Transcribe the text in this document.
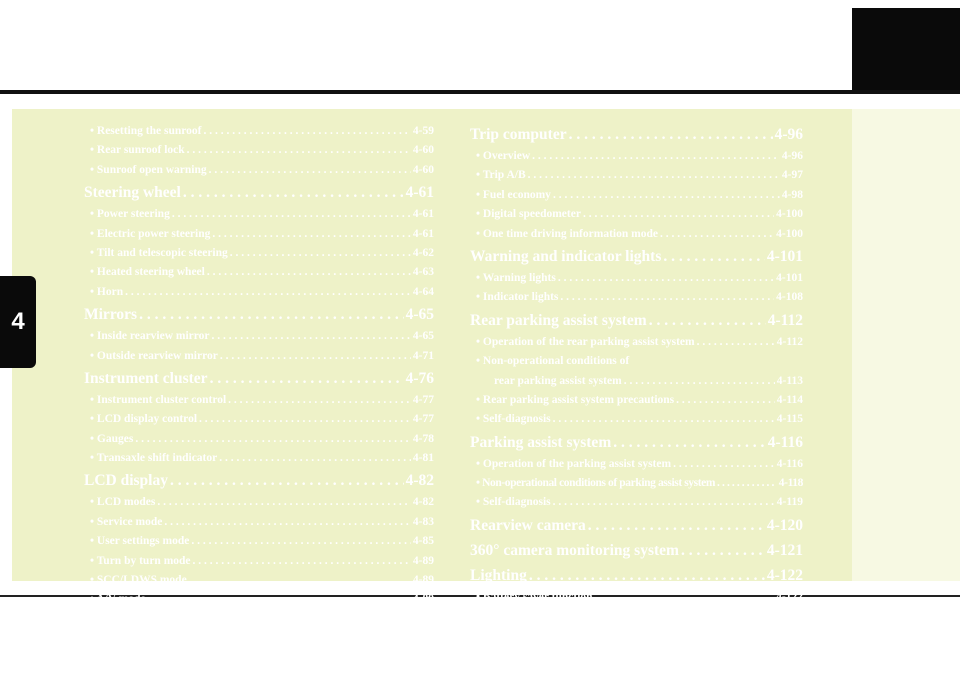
4
• Resetting the sunroof . . .	4-59
• Rear sunroof lock . . .	4-60
• Sunroof open warning . . .	4-60
Steering wheel . . .	4-61
• Power steering . . .	4-61
• Electric power steering . . .	4-61
• Tilt and telescopic steering . . .	4-62
• Heated steering wheel . . .	4-63
• Horn . . .	4-64
Mirrors . . .	4-65
• Inside rearview mirror . . .	4-65
• Outside rearview mirror . . .	4-71
Instrument cluster . . .	4-76
• Instrument cluster control . . .	4-77
• LCD display control . . .	4-77
• Gauges . . .	4-78
• Transaxle shift indicator . . .	4-81
LCD display . . .	4-82
• LCD modes . . .	4-82
• Service mode . . .	4-83
• User settings mode . . .	4-85
• Turn by turn mode . . .	4-89
• SCC/LDWS mode . . .	4-89
• A/V mode . . .	4-89
• Warning messages . . .	4-90
Trip computer . . .	4-96
• Overview . . .	4-96
• Trip A/B . . .	4-97
• Fuel economy . . .	4-98
• Digital speedometer . . .	4-100
• One time driving information mode . . .	4-100
Warning and indicator lights . . .	4-101
• Warning lights . . .	4-101
• Indicator lights . . .	4-108
Rear parking assist system . . .	4-112
• Operation of the rear parking assist system . . .	4-112
• Non-operational conditions of
rear parking assist system . . .	4-113
• Rear parking assist system precautions . . .	4-114
• Self-diagnosis . . .	4-115
Parking assist system . . .	4-116
• Operation of the parking assist system . . .	4-116
• Non-operational conditions of parking assist system . . .	4-118
• Self-diagnosis . . .	4-119
Rearview camera . . .	4-120
360° camera monitoring system . . .	4-121
Lighting . . .	4-122
• Battery saver function . . .	4-122
• Headlight escort function . . .	4-122
• Daytime running light . . .	4-122
